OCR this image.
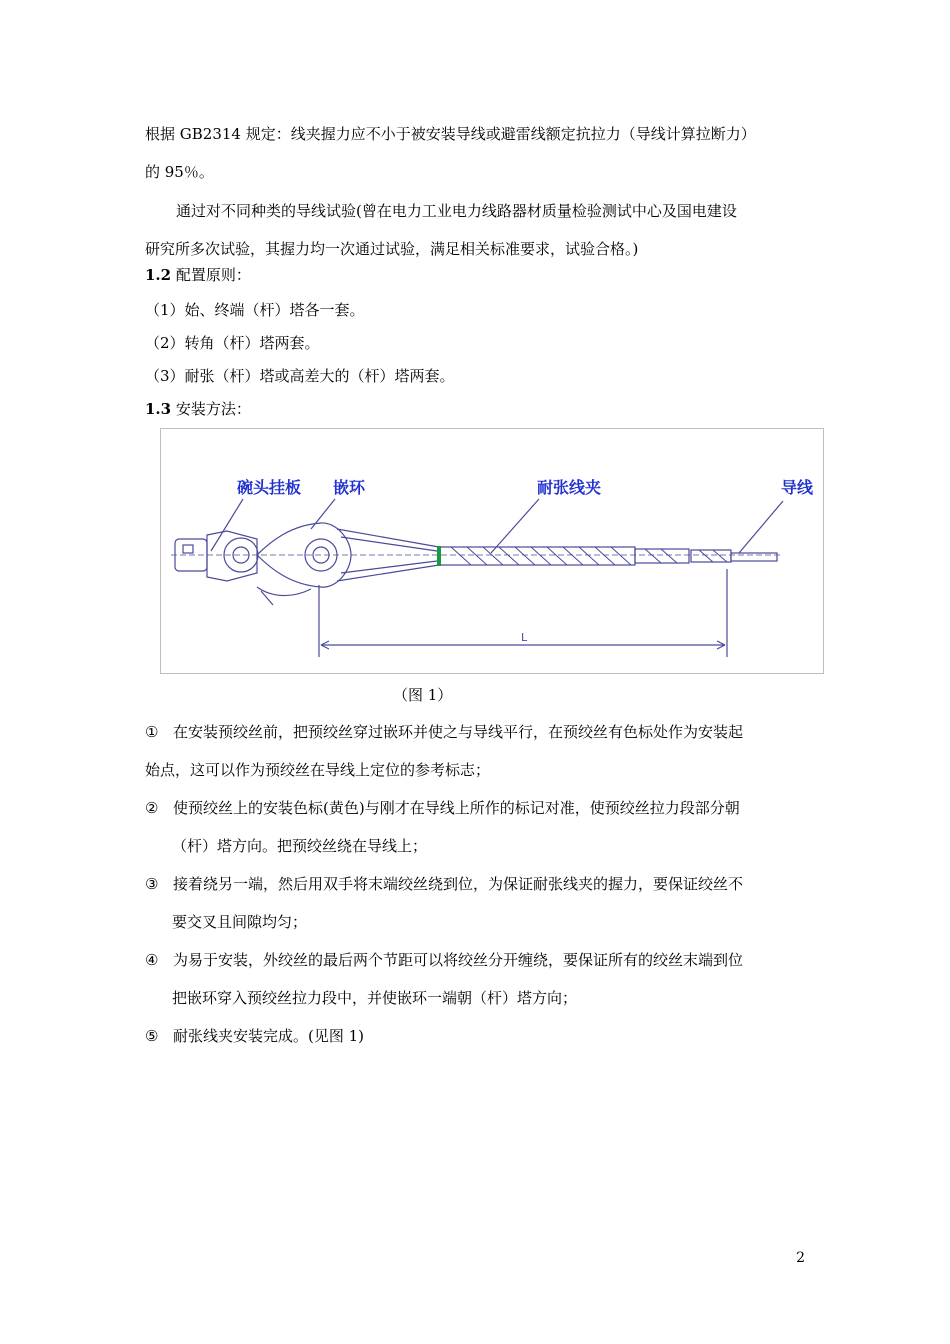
根据 GB2314 规定：线夹握力应不小于被安装导线或避雷线额定抗拉力（导线计算拉断力）
的 95％。
通过对不同种类的导线试验(曾在电力工业电力线路器材质量检验测试中心及国电建设
研究所多次试验，其握力均一次通过试验，满足相关标准要求，试验合格。)
1.2 配置原则：
（1）始、终端（杆）塔各一套。
（2）转角（杆）塔两套。
（3）耐张（杆）塔或高差大的（杆）塔两套。
1.3 安装方法：
碗头挂板 嵌环	耐张线夹	导线
L
（图 1）
① 在安装预绞丝前，把预绞丝穿过嵌环并使之与导线平行，在预绞丝有色标处作为安装起
始点，这可以作为预绞丝在导线上定位的参考标志；
② 使预绞丝上的安装色标(黄色)与刚才在导线上所作的标记对准，使预绞丝拉力段部分朝
（杆）塔方向。把预绞丝绕在导线上；
③ 接着绕另一端，然后用双手将末端绞丝绕到位，为保证耐张线夹的握力，要保证绞丝不
要交叉且间隙均匀；
④ 为易于安装，外绞丝的最后两个节距可以将绞丝分开缠绕，要保证所有的绞丝末端到位
把嵌环穿入预绞丝拉力段中，并使嵌环一端朝（杆）塔方向；
⑤ 耐张线夹安装完成。(见图 1)
2
